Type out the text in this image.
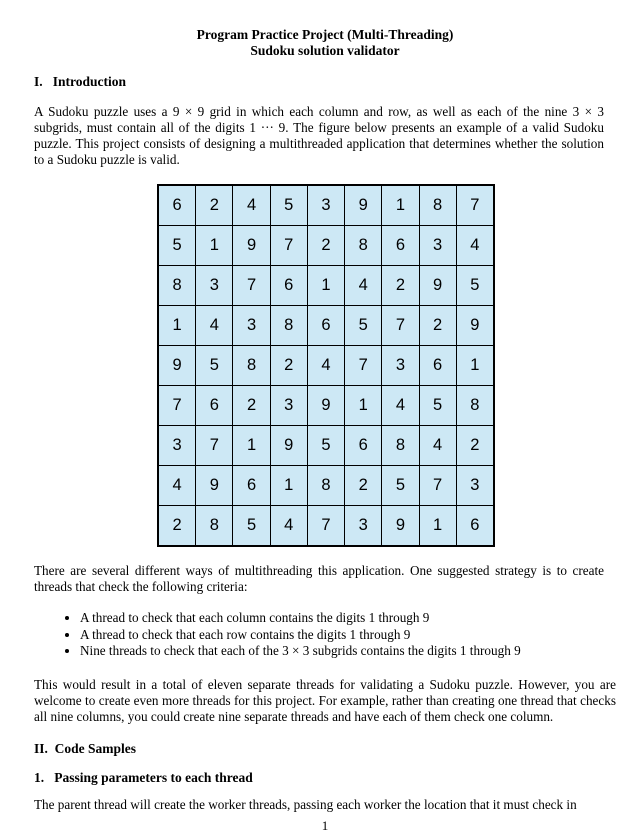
Program Practice Project (Multi-Threading)
Sudoku solution validator
I.   Introduction
A Sudoku puzzle uses a 9 × 9 grid in which each column and row, as well as each of the nine 3 × 3 subgrids, must contain all of the digits 1 ··· 9. The figure below presents an example of a valid Sudoku puzzle. This project consists of designing a multithreaded application that determines whether the solution to a Sudoku puzzle is valid.
6	2	4	5	3	9	1	8	7
5	1	9	7	2	8	6	3	4
8	3	7	6	1	4	2	9	5
1	4	3	8	6	5	7	2	9
9	5	8	2	4	7	3	6	1
7	6	2	3	9	1	4	5	8
3	7	1	9	5	6	8	4	2
4	9	6	1	8	2	5	7	3
2	8	5	4	7	3	9	1	6
There are several different ways of multithreading this application. One suggested strategy is to create threads that check the following criteria:
• A thread to check that each column contains the digits 1 through 9
• A thread to check that each row contains the digits 1 through 9
• Nine threads to check that each of the 3 × 3 subgrids contains the digits 1 through 9
This would result in a total of eleven separate threads for validating a Sudoku puzzle. However, you are welcome to create even more threads for this project. For example, rather than creating one thread that checks all nine columns, you could create nine separate threads and have each of them check one column.
II.  Code Samples
1.   Passing parameters to each thread
The parent thread will create the worker threads, passing each worker the location that it must check in
1
